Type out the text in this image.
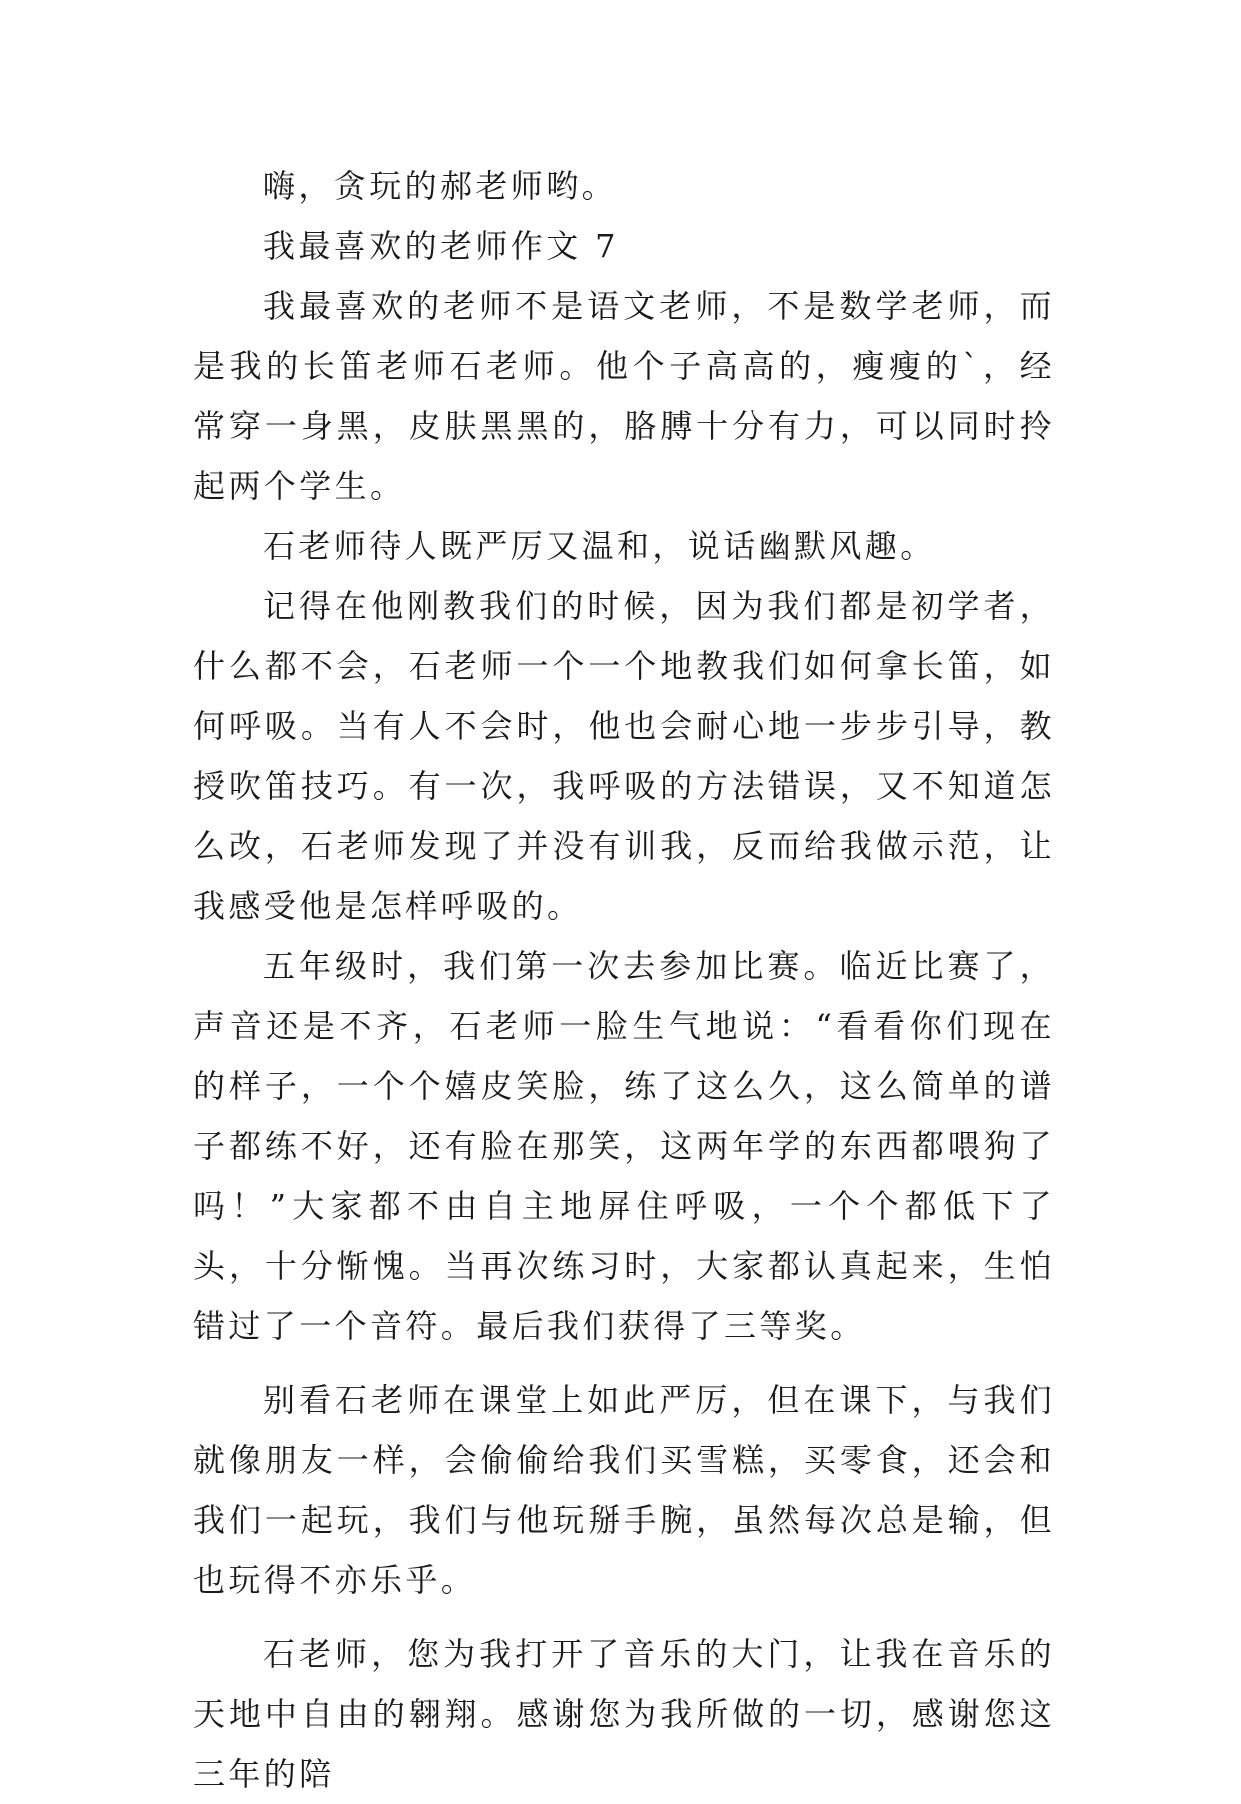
嗨，贪玩的郝老师哟。

我最喜欢的老师作文 7

我最喜欢的老师不是语文老师，不是数学老师，而是我的长笛老师石老师。他个子高高的，瘦瘦的`，经常穿一身黑，皮肤黑黑的，胳膊十分有力，可以同时拎起两个学生。

石老师待人既严厉又温和，说话幽默风趣。

记得在他刚教我们的时候，因为我们都是初学者，什么都不会，石老师一个一个地教我们如何拿长笛，如何呼吸。当有人不会时，他也会耐心地一步步引导，教授吹笛技巧。有一次，我呼吸的方法错误，又不知道怎么改，石老师发现了并没有训我，反而给我做示范，让我感受他是怎样呼吸的。

五年级时，我们第一次去参加比赛。临近比赛了，声音还是不齐，石老师一脸生气地说：“看看你们现在的样子，一个个嬉皮笑脸，练了这么久，这么简单的谱子都练不好，还有脸在那笑，这两年学的东西都喂狗了吗！”大家都不由自主地屏住呼吸，一个个都低下了头，十分惭愧。当再次练习时，大家都认真起来，生怕错过了一个音符。最后我们获得了三等奖。

别看石老师在课堂上如此严厉，但在课下，与我们就像朋友一样，会偷偷给我们买雪糕，买零食，还会和我们一起玩，我们与他玩掰手腕，虽然每次总是输，但也玩得不亦乐乎。

石老师，您为我打开了音乐的大门，让我在音乐的天地中自由的翱翔。感谢您为我所做的一切，感谢您这三年的陪
